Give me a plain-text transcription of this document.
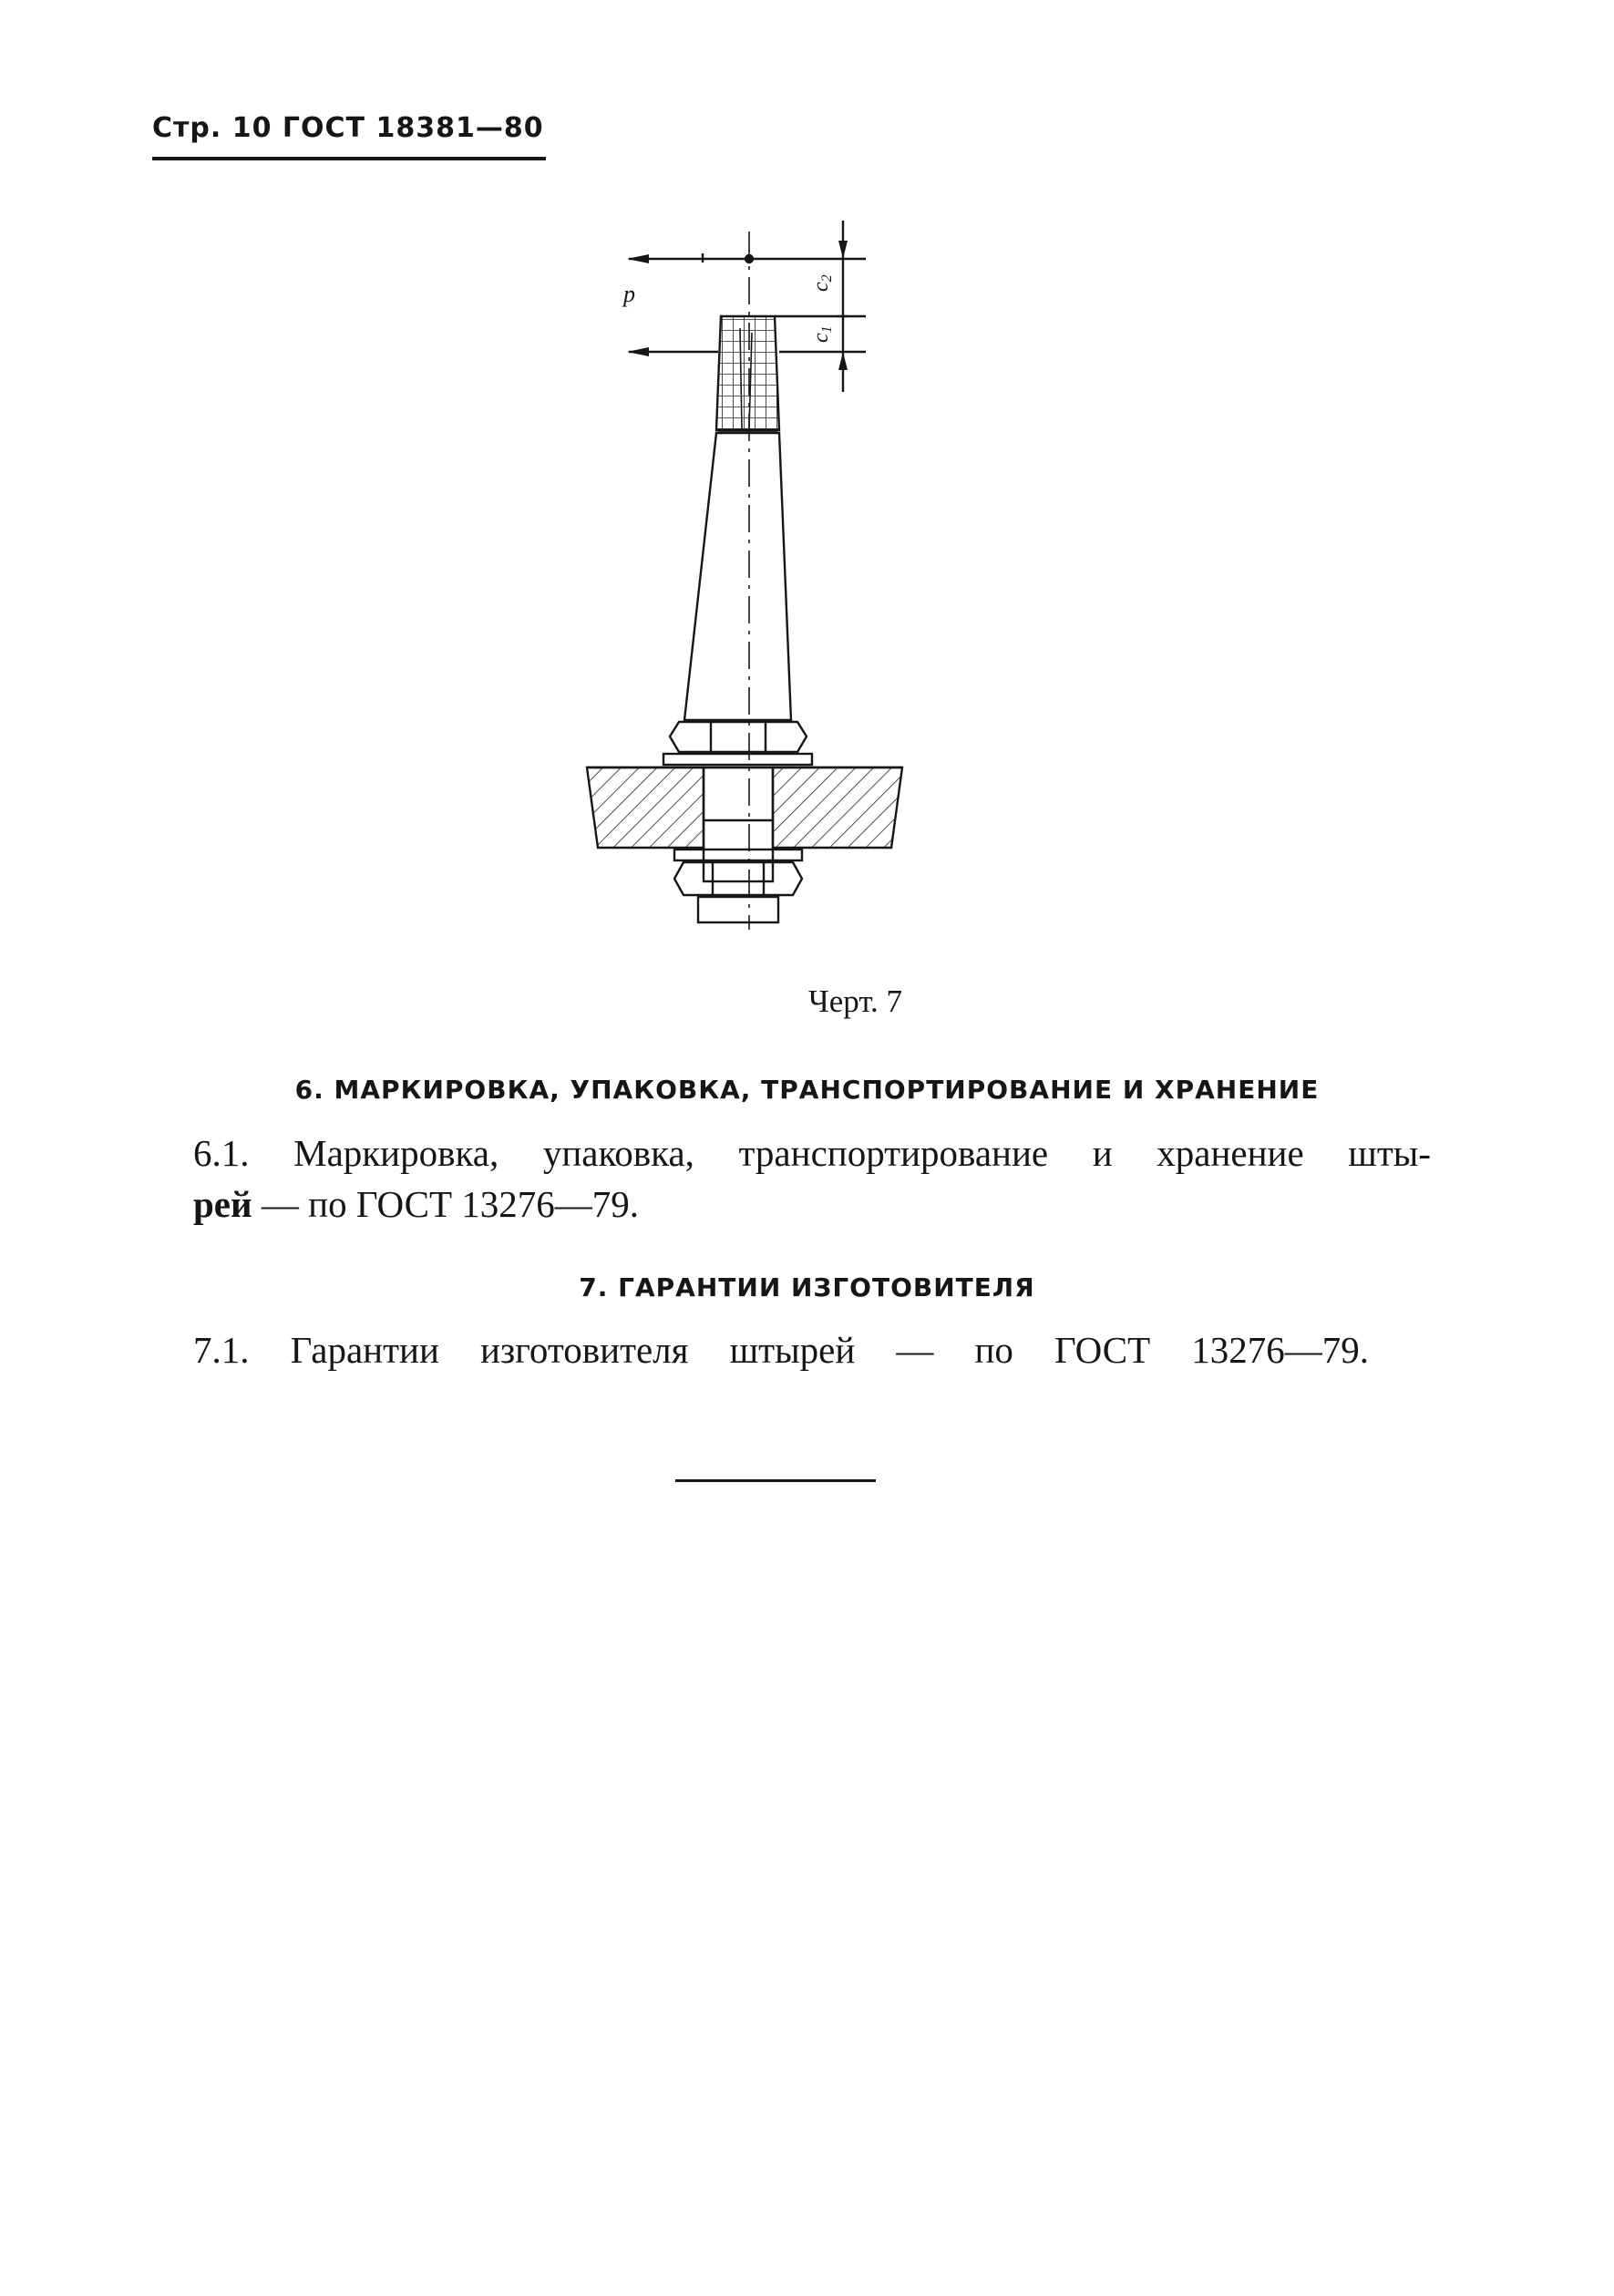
Стр. 10 ГОСТ 18381—80
p	c2
c1
Черт. 7
6. МАРКИРОВКА, УПАКОВКА, ТРАНСПОРТИРОВАНИЕ И ХРАНЕНИЕ
6.1. Маркировка, упаковка, транспортирование и хранение шты-
рей — по ГОСТ 13276—79.
7. ГАРАНТИИ ИЗГОТОВИТЕЛЯ
7.1. Гарантии изготовителя штырей — по ГОСТ 13276—79.
